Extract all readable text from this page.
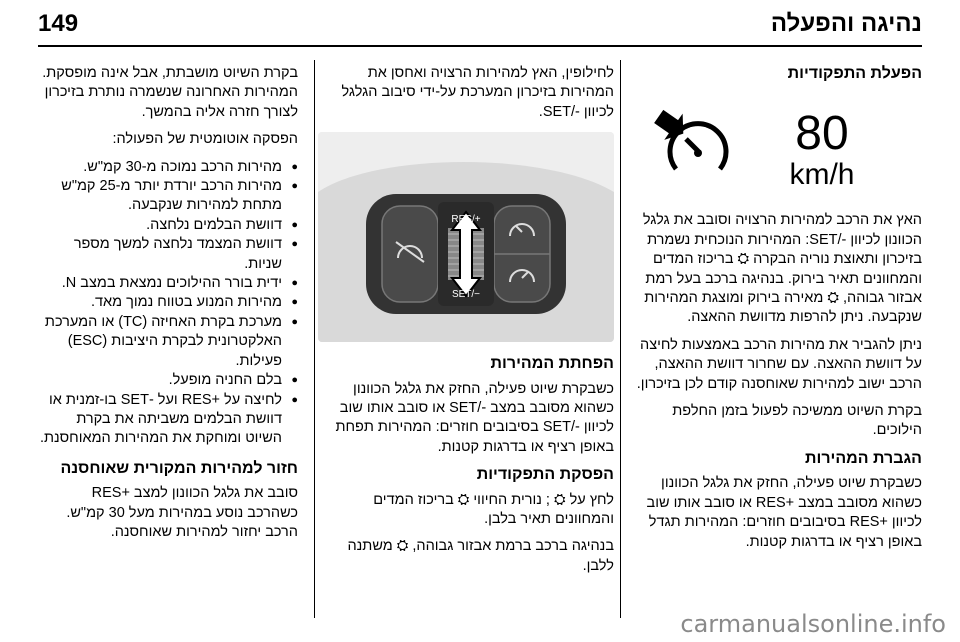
149	נהיגה והפעלה
הפעלת התפקודיות
80
km/h

האץ את הרכב למהירות הרצויה וסובב את גלגל הכוונון לכיוון -/SET: המהירות הנוכחית נשמרת בזיכרון ותאוצת נוריה הבקרה ⛭ בריכוז המדים והמחוונים תאיר בירוק. בנהיגה ברכב בעל רמת אבזור גבוהה, ⛭ מאירה בירוק ומוצגת המהירות שנקבעה. ניתן להרפות מדוושת ההאצה.

ניתן להגביר את מהירות הרכב באמצעות לחיצה על דוושת ההאצה. עם שחרור דוושת ההאצה, הרכב ישוב למהירות שאוחסנה קודם לכן בזיכרון.

בקרת השיוט ממשיכה לפעול בזמן החלפת הילוכים.

הגברת המהירות

כשבקרת שיוט פעילה, החזק את גלגל הכוונון כשהוא מסובב במצב +RES או סובב אותו שוב לכיוון +RES בסיבובים חוזרים: המהירות תגדל באופן רציף או בדרגות קטנות.

לחילופין, האץ למהירות הרצויה ואחסן את המהירות בזיכרון המערכת על-ידי סיבוב הגלגל לכיוון -/SET.

RES/+
SET/−
הפחתת המהירות

כשבקרת שיוט פעילה, החזק את גלגל הכוונון כשהוא מסובב במצב -/SET או סובב אותו שוב לכיוון -/SET בסיבובים חוזרים: המהירות תפחת באופן רציף או בדרגות קטנות.

הפסקת התפקודיות

לחץ על ⛭ ; נורית החיווי ⛭ בריכוז המדים והמחוונים תאיר בלבן.

בנהיגה ברכב ברמת אבזור גבוהה, ⛭ משתנה ללבן.

בקרת השיוט מושבתת, אבל אינה מופסקת. המהירות האחרונה שנשמרה נותרת בזיכרון לצורך חזרה אליה בהמשך.

הפסקה אוטומטית של הפעולה:

● מהירות הרכב נמוכה מ-30 קמ"ש.
● מהירות הרכב יורדת יותר מ-25 קמ"ש מתחת למהירות שנקבעה.
● דוושת הבלמים נלחצה.
● דוושת המצמד נלחצה למשך מספר שניות.
● ידית בורר ההילוכים נמצאת במצב N.
● מהירות המנוע בטווח נמוך מאד.
● מערכת בקרת האחיזה (TC) או המערכת האלקטרונית לבקרת היציבות (ESC) פעילות.
● בלם החניה מופעל.
● לחיצה על +RES ועל -SET בו-זמנית או דוושת הבלמים משביתה את בקרת השיוט ומוחקת את המהירות המאוחסנת.
חזור למהירות המקורית שאוחסנה

סובב את גלגל הכוונון למצב +RES כשהרכב נוסע במהירות מעל 30 קמ"ש. הרכב יחזור למהירות שאוחסנה.

carmanualsonline.info
